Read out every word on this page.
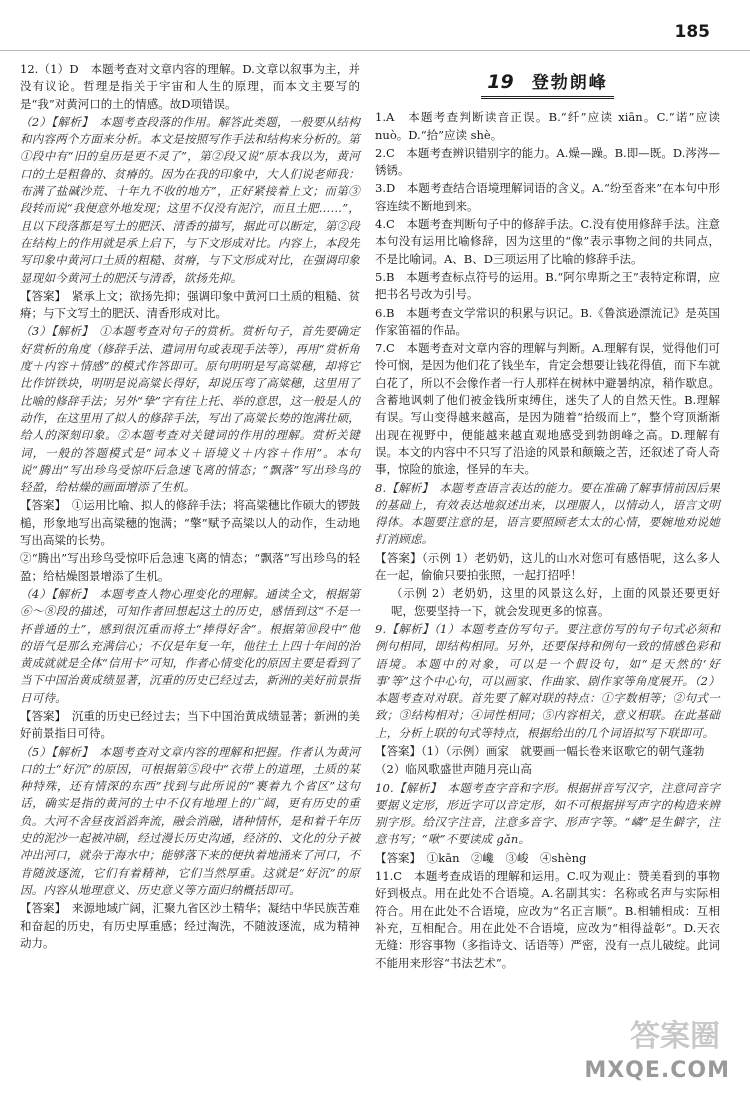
185

12.（1）D　本题考查对文章内容的理解。D.文章以叙事为主，并没有议论。哲理是指关于宇宙和人生的原理，而本文主要写的是“我”对黄河口的土的情感。故D项错误。

（2）【解析】　本题考查段落的作用。解答此类题，一般要从结构和内容两个方面来分析。本文是按照写作手法和结构来分析的。第①段中有“旧的皇历是更不灵了”，第②段又说“原本我以为，黄河口的土是粗鲁的、贫瘠的。因为在我的印象中，大人们说老师我：布满了盐碱沙荒、十年九不收的地方”，正好紧接着上文；而第③段转而说“我便意外地发现；这里不仅没有泥泞，而且土肥……”，且以下段落都是写土的肥沃、清香的描写，据此可以断定，第②段在结构上的作用就是承上启下，与下文形成对比。内容上，本段先写印象中黄河口土质的粗糙、贫瘠，与下文形成对比，在强调印象显现如今黄河土的肥沃与清香，欲扬先抑。

【答案】　紧承上文；欲扬先抑；强调印象中黄河口土质的粗糙、贫瘠；与下文写土的肥沃、清香形成对比。

（3）【解析】　①本题考查对句子的赏析。赏析句子，首先要确定好赏析的角度（修辞手法、遣词用句或表现手法等），再用“赏析角度＋内容＋情感”的模式作答即可。原句明明是写高粱穗，却将它比作饼铁块，明明是说高粱长得好，却说压弯了高粱穗，这里用了比喻的修辞手法；另外“挚”字有往上托、举的意思，这一般是人的动作，在这里用了拟人的修辞手法，写出了高粱长势的饱满壮硕，给人的深刻印象。②本题考查对关键词的作用的理解。赏析关键词，一般的答题模式是“词本义＋语境义＋内容＋作用”。本句说“腾出”写出珍鸟受惊吓后急速飞离的情态；“飘落”写出珍鸟的轻盈，给枯燥的画面增添了生机。

【答案】　①运用比喻、拟人的修辞手法；将高粱穗比作硕大的锣鼓槌，形象地写出高粱穗的饱满；“擎”赋予高粱以人的动作，生动地写出高粱的长势。

②“腾出”写出珍鸟受惊吓后急速飞离的情态；“飘落”写出珍鸟的轻盈；给枯燥图景增添了生机。

（4）【解析】　本题考查人物心理变化的理解。通读全文，根据第⑥～⑧段的描述，可知作者回想起这土的历史，感悟到这“不是一抔普通的土”，感到很沉重而将土“捧得好舍”。根据第⑩段中“他的语气是那么充满信心；不仅是年复一年，他往土上四十年间的治黄成就就是全体“信用卡”可知，作者心情变化的原因主要是看到了当下中国治黄成绩显著，沉重的历史已经过去，新洲的美好前景指日可待。

【答案】　沉重的历史已经过去；当下中国治黄成绩显著；新洲的美好前景指日可待。

（5）【解析】　本题考查对文章内容的理解和把握。作者认为黄河口的土“好沉”的原因，可根据第⑤段中“衣带上的道理，土质的某种特殊，还有情深的东西”找到与此所说的“裹着九个省区”这句话，确实是指的黄河的土中不仅有地理上的广阔，更有历史的重负。大河不舍昼夜滔滔奔流，融会消融，诸种情怀，是和着千年历史的泥沙一起被冲刷，经过漫长历史沟通，经济的、文化的分子被冲出河口，就杂于海水中；能够落下来的便执着地涌来了河口，不肯随波逐流，它们有着精神，它们当然厚重。这就是“好沉”的原因。内容从地理意义、历史意义等方面归纳概括即可。

【答案】　来源地域广阔，汇聚九省区沙土精华；凝结中华民族苦难和奋起的历史，有历史厚重感；经过淘洗，不随波逐流，成为精神动力。

19 登勃朗峰

1.A　本题考查判断读音正误。B.“纤”应读 xiān。C.“诺”应读 nuò。D.“拾”应读 shè。

2.C　本题考查辨识错别字的能力。A.燥—躁。B.即—既。D.涔涔—锈锈。

3.D　本题考查结合语境理解词语的含义。A.“纷至沓来”在本句中形容连续不断地到来。

4.C　本题考查判断句子中的修辞手法。C.没有使用修辞手法。注意本句没有运用比喻修辞，因为这里的“像”表示事物之间的共同点，不是比喻词。A、B、D三项运用了比喻的修辞手法。

5.B　本题考查标点符号的运用。B.“阿尔卑斯之王”表特定称谓，应把书名号改为引号。

6.B　本题考查文学常识的积累与识记。B.《鲁滨逊漂流记》是英国作家笛福的作品。

7.C　本题考查对文章内容的理解与判断。A.理解有误，觉得他们可怜可悯，是因为他们花了钱坐车，肯定会想要让钱花得值，而下车就白花了，所以不会像作者一行人那样在树林中避暑纳凉，稍作歇息。含蓄地讽刺了他们被金钱所束缚住，迷失了人的自然天性。B.理解有误。写山变得越来越高，是因为随着“拾级而上”，整个穹顶渐渐出现在视野中，便能越来越直观地感受到勃朗峰之高。D.理解有误。本文的内容中不只写了沿途的风景和颠簸之苦，还叙述了奇人奇事，惊险的旅途，怪异的车夫。

8.【解析】　本题考查语言表达的能力。要在准确了解事情前因后果的基础上，有效表达地叙述出来，以理服人，以情动人，语言文明得体。本题要注意的是，语言要照顾老太太的心情，要婉地劝说她打消顾虑。

【答案】（示例 1）老奶奶，这儿的山水对您可有感悟呢，这么多人在一起，偷偷只要拍张照，一起打招呼！

（示例 2）老奶奶，这里的风景这么好，上面的风景还要更好呢，您要坚持一下，就会发现更多的惊喜。

9.【解析】（1）本题考查仿写句子。要注意仿写的句子句式必须和例句相同，即结构相同。另外，还要保持和例句一致的情感色彩和语境。本题中的对象，可以是一个假设句，如“是天然的‘好事’等”这个中心句，可以画家、作曲家、剧作家等角度展开。（2）本题考查对对联。首先要了解对联的特点：①字数相等；②句式一致；③结构相对；④词性相同；⑤内容相关，意义相联。在此基础上，分析上联的句式等特点，根据给出的几个词语拟写下联即可。

【答案】（1）（示例）画家　就要画一幅长卷来讴歌它的朝气蓬勃

（2）临风歌盛世声随月亮山高

10.【解析】　本题考查字音和字形。根据拼音写汉字，注意同音字要据义定形，形近字可以音定形，如不可根据拼写声字的构造来辨别字形。给汉字注音，注意多音字、形声字等。“嶙”是生僻字，注意书写；“啾”不要读成 gǎn。

【答案】　①kān　②巉　③峻　④shèng

11.C　本题考查成语的理解和运用。C.叹为观止：赞美看到的事物好到极点。用在此处不合语境。A.名副其实：名称或名声与实际相符合。用在此处不合语境，应改为“名正言顺”。B.相辅相成：互相补充，互相配合。用在此处不合语境，应改为“相得益彰”。D.天衣无缝：形容事物（多指诗文、话语等）严密，没有一点儿破绽。此词不能用来形容“书法艺术”。

答案圈
MXQE.COM
